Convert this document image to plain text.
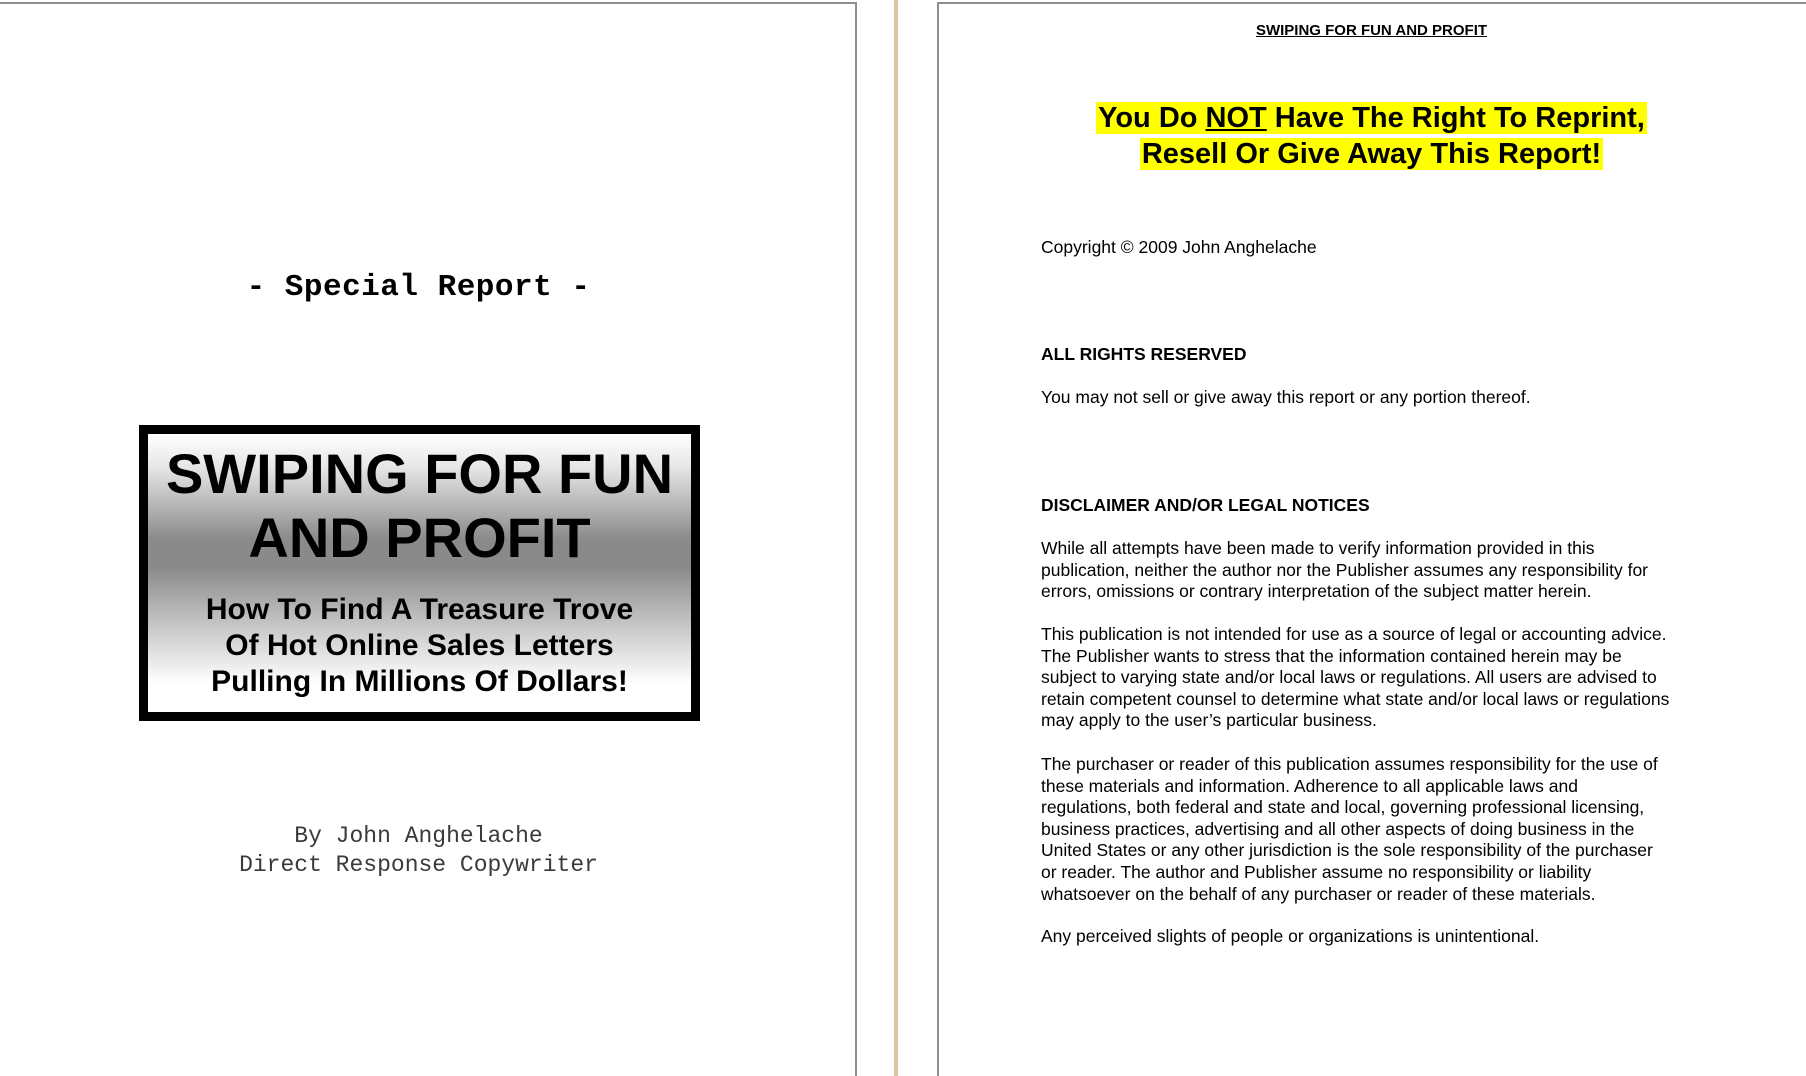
- Special Report -
SWIPING FOR FUN
AND PROFIT
How To Find A Treasure Trove
Of Hot Online Sales Letters
Pulling In Millions Of Dollars!
By John Anghelache
Direct Response Copywriter
SWIPING FOR FUN AND PROFIT
You Do NOT Have The Right To Reprint,
Resell Or Give Away This Report!
Copyright © 2009 John Anghelache
ALL RIGHTS RESERVED
You may not sell or give away this report or any portion thereof.
DISCLAIMER AND/OR LEGAL NOTICES
While all attempts have been made to verify information provided in this
publication, neither the author nor the Publisher assumes any responsibility for
errors, omissions or contrary interpretation of the subject matter herein.
This publication is not intended for use as a source of legal or accounting advice.
The Publisher wants to stress that the information contained herein may be
subject to varying state and/or local laws or regulations. All users are advised to
retain competent counsel to determine what state and/or local laws or regulations
may apply to the user’s particular business.
The purchaser or reader of this publication assumes responsibility for the use of
these materials and information. Adherence to all applicable laws and
regulations, both federal and state and local, governing professional licensing,
business practices, advertising and all other aspects of doing business in the
United States or any other jurisdiction is the sole responsibility of the purchaser
or reader. The author and Publisher assume no responsibility or liability
whatsoever on the behalf of any purchaser or reader of these materials.
Any perceived slights of people or organizations is unintentional.
